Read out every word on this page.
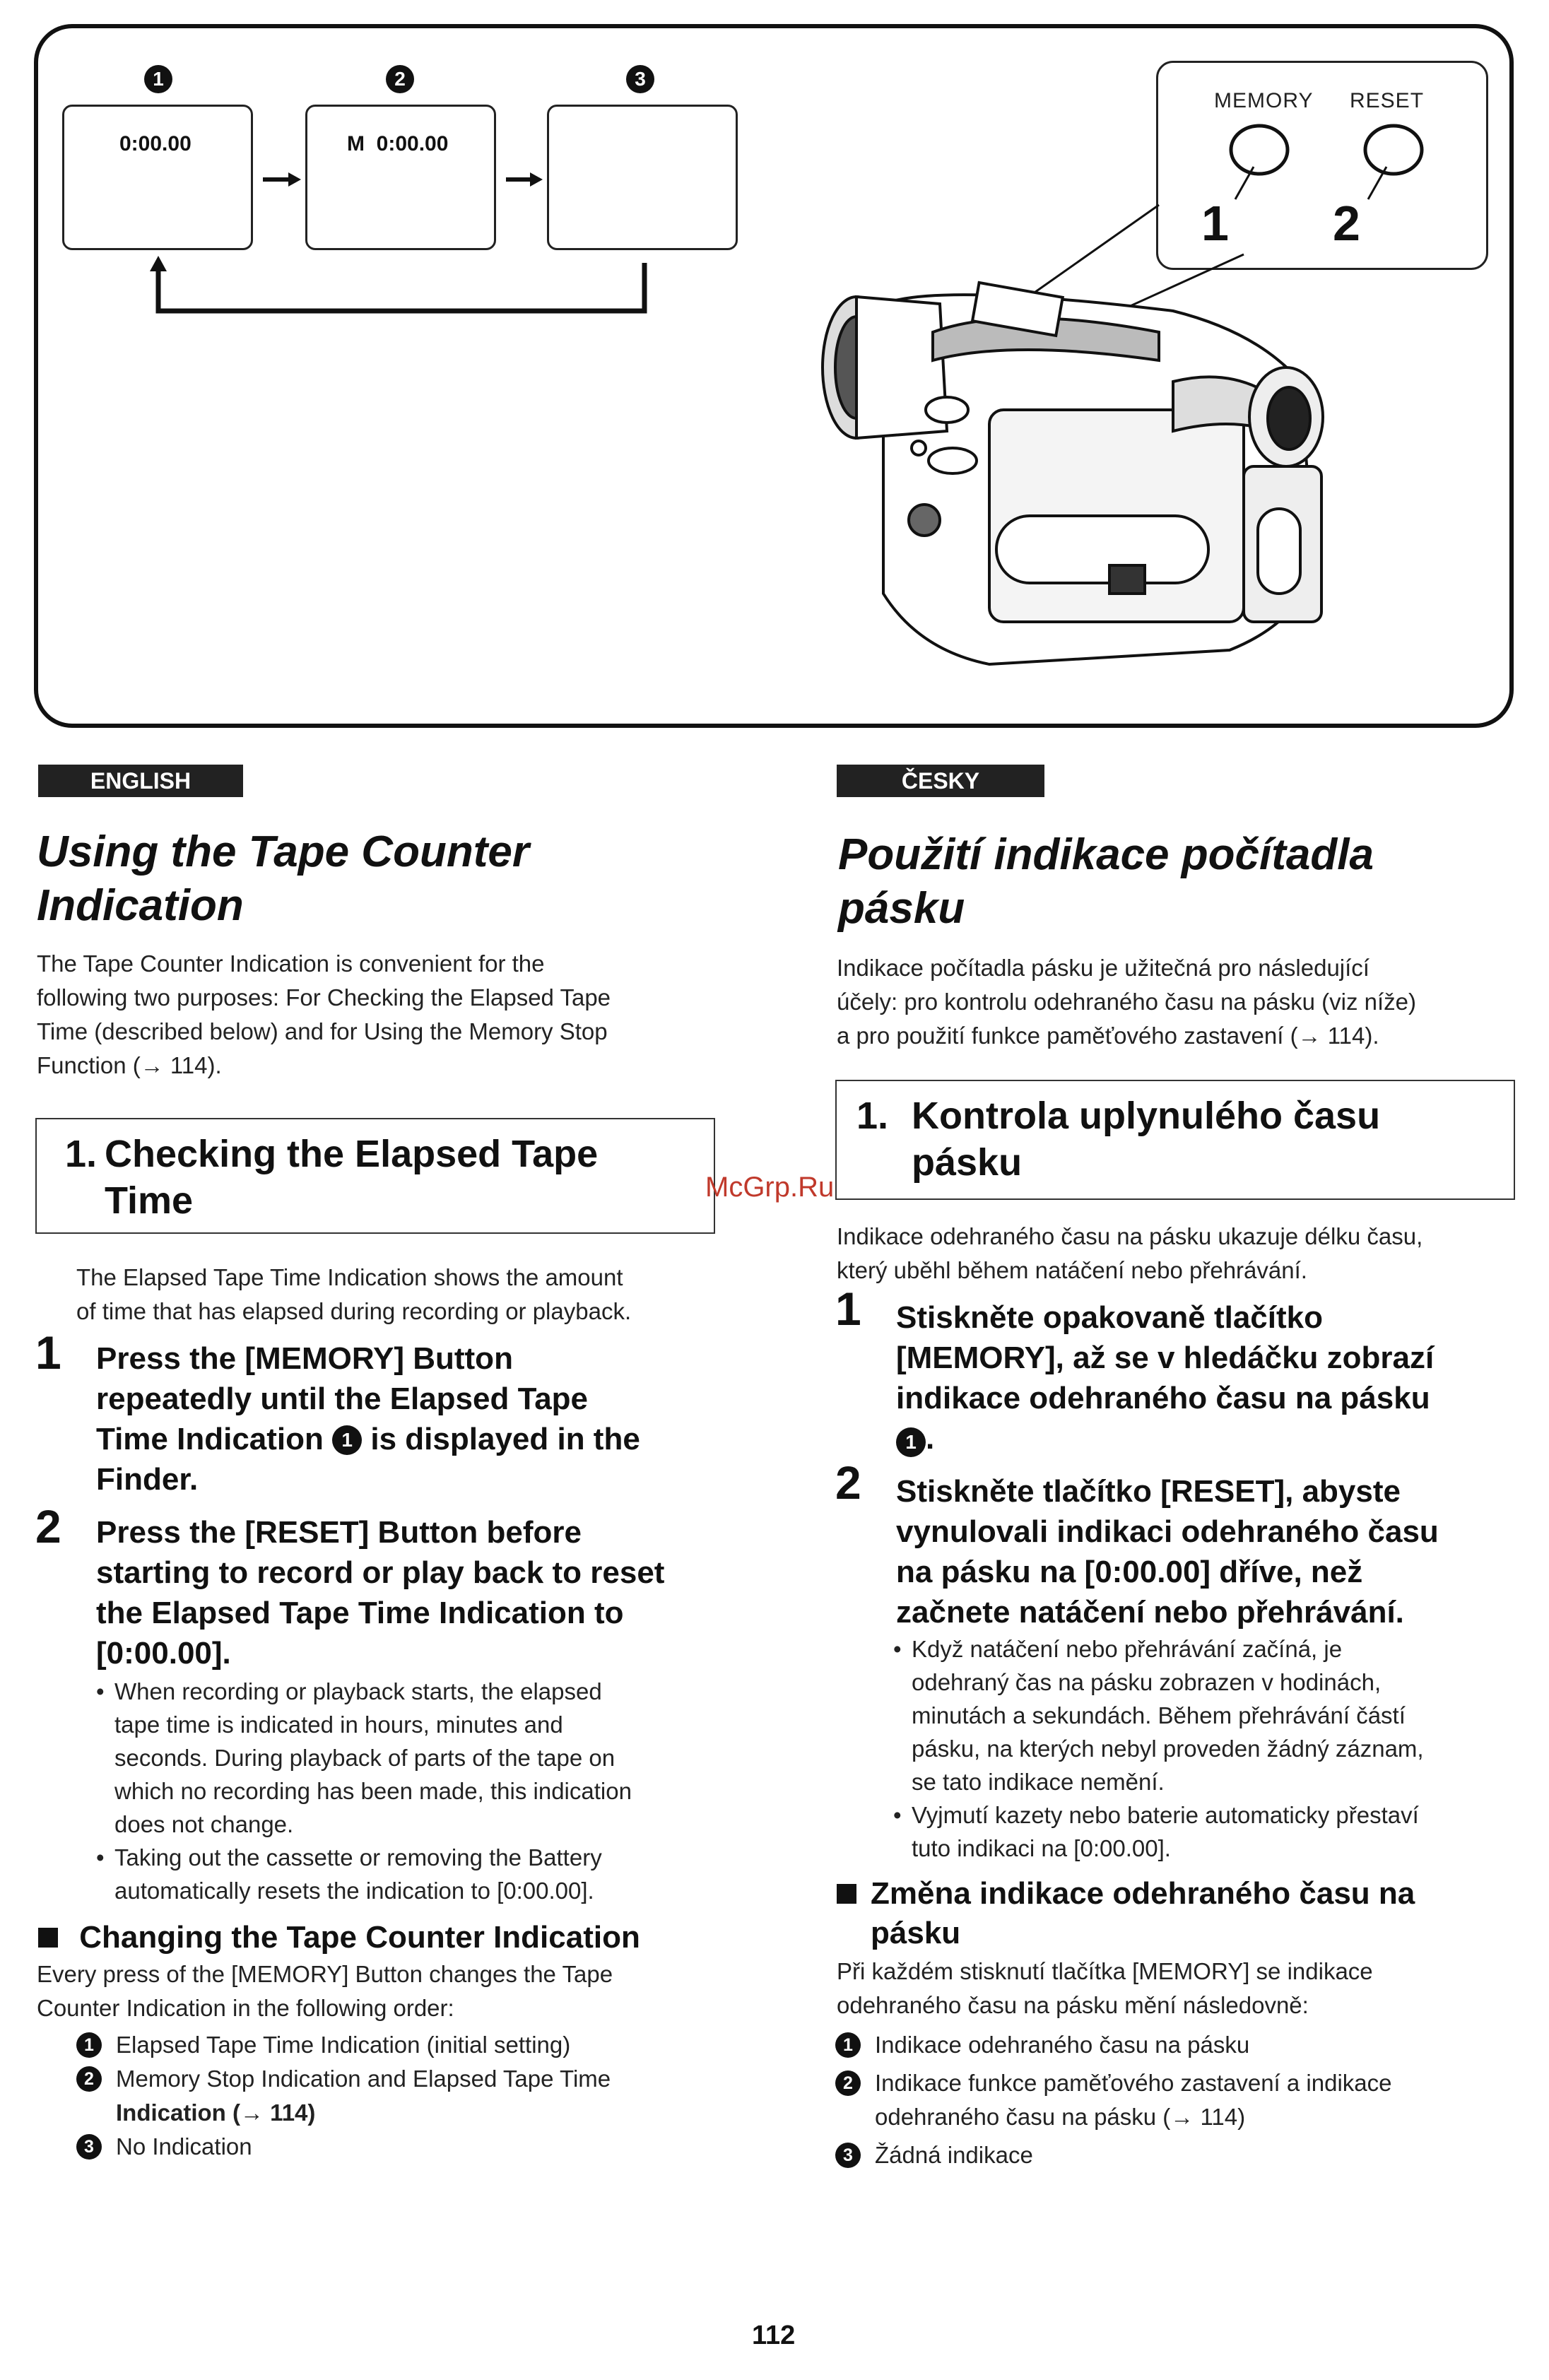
1	2	3
0:00.00	M  0:00.00
MEMORY RESET
1 2
ENGLISH
Using the Tape Counter
Indication
The Tape Counter Indication is convenient for the
following two purposes: For Checking the Elapsed Tape
Time (described below) and for Using the Memory Stop
Function (→ 114).
1. Checking the Elapsed Tape
Time
The Elapsed Tape Time Indication shows the amount
of time that has elapsed during recording or playback.
1 Press the [MEMORY] Button
repeatedly until the Elapsed Tape
Time Indication 1 is displayed in the
Finder.
2 Press the [RESET] Button before
starting to record or play back to reset
the Elapsed Tape Time Indication to
[0:00.00].
• When recording or playback starts, the elapsed
tape time is indicated in hours, minutes and
seconds. During playback of parts of the tape on
which no recording has been made, this indication
does not change.
• Taking out the cassette or removing the Battery
automatically resets the indication to [0:00.00].
Changing the Tape Counter Indication
Every press of the [MEMORY] Button changes the Tape
Counter Indication in the following order:
1 Elapsed Tape Time Indication (initial setting)
2 Memory Stop Indication and Elapsed Tape Time
Indication (→ 114)
3 No Indication
ČESKY
Použití indikace počítadla
pásku
Indikace počítadla pásku je užitečná pro následující
účely: pro kontrolu odehraného času na pásku (viz níže)
a pro použití funkce paměťového zastavení (→ 114).
1. Kontrola uplynulého času
pásku
Indikace odehraného času na pásku ukazuje délku času,
který uběhl během natáčení nebo přehrávání.
1 Stiskněte opakovaně tlačítko
[MEMORY], až se v hledáčku zobrazí
indikace odehraného času na pásku
1 .
2 Stiskněte tlačítko [RESET], abyste
vynulovali indikaci odehraného času
na pásku na [0:00.00] dříve, než
začnete natáčení nebo přehrávání.
• Když natáčení nebo přehrávání začíná, je
odehraný čas na pásku zobrazen v hodinách,
minutách a sekundách. Během přehrávání částí
pásku, na kterých nebyl proveden žádný záznam,
se tato indikace nemění.
• Vyjmutí kazety nebo baterie automaticky přestaví
tuto indikaci na [0:00.00].
Změna indikace odehraného času na
pásku
Při každém stisknutí tlačítka [MEMORY] se indikace
odehraného času na pásku mění následovně:
1 Indikace odehraného času na pásku
2 Indikace funkce paměťového zastavení a indikace
odehraného času na pásku (→ 114)
3 Žádná indikace
McGrp.Ru
112
